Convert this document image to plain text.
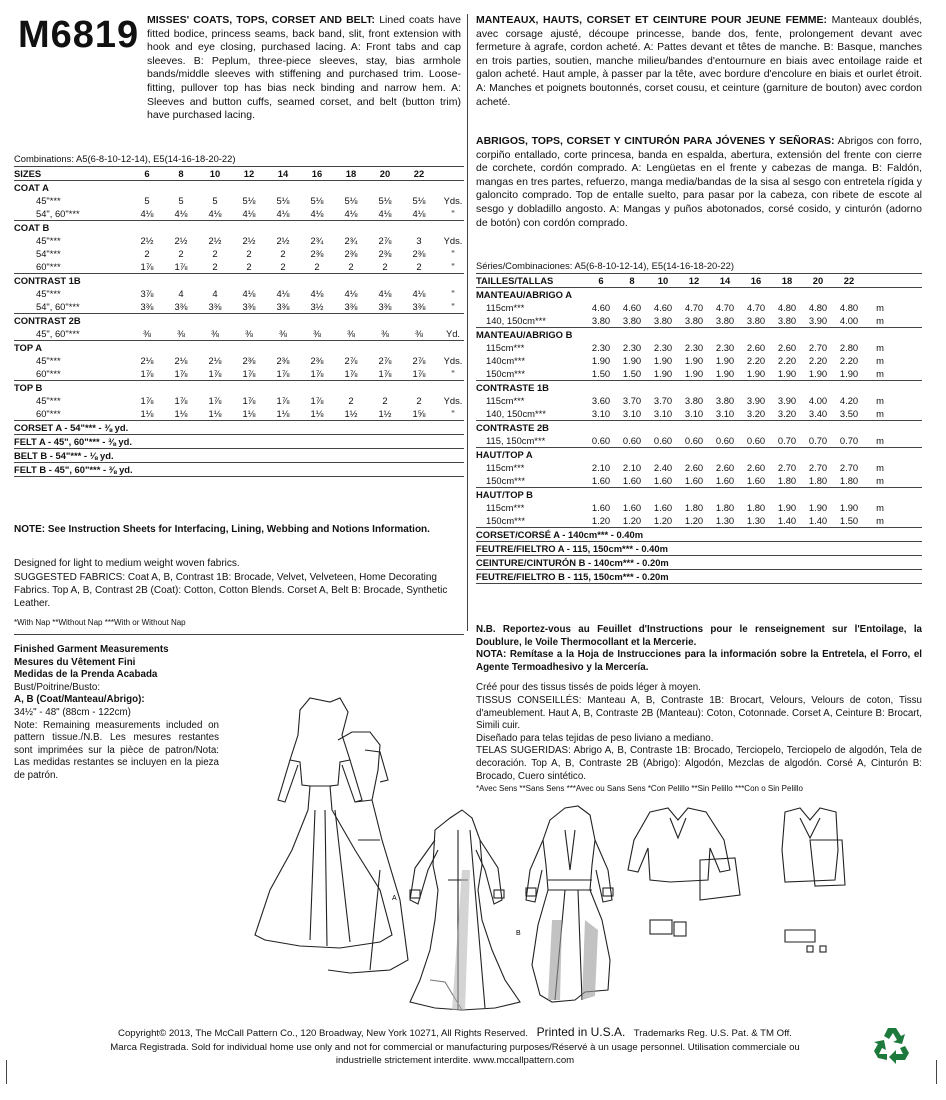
M6819 MISSES' COATS, TOPS, CORSET AND BELT: Lined coats have fitted bodice, princess seams, back band, slit, front extension with hook and eye closing, purchased lacing. A: Front tabs and cap sleeves. B: Peplum, three-piece sleeves, stay, bias armhole bands/middle sleeves with stiffening and purchased trim. Loose-fitting, pullover top has bias neck binding and narrow hem. A: Sleeves and button cuffs, seamed corset, and belt (button trim) have purchased lacing.
MANTEAUX, HAUTS, CORSET ET CEINTURE POUR JEUNE FEMME: Manteaux doublés, avec corsage ajusté, découpe princesse, bande dos, fente, prolongement devant avec fermeture à agrafe, cordon acheté. A: Pattes devant et têtes de manche. B: Basque, manches en trois parties, soutien, manche milieu/bandes d'entournure en biais avec entoilage raide et galon acheté. Haut ample, à passer par la tête, avec bordure d'encolure en biais et ourlet étroit. A: Manches et poignets boutonnés, corset cousu, et ceinture (garniture de bouton) avec cordon acheté.
ABRIGOS, TOPS, CORSET Y CINTURÓN PARA JÓVENES Y SEÑORAS: Abrigos con forro, corpiño entallado, corte princesa, banda en espalda, abertura, extensión del frente con cierre de corchete, cordón comprado. A: Lengüetas en el frente y cabezas de manga. B: Faldón, mangas en tres partes, refuerzo, manga media/bandas de la sisa al sesgo con entretela rígida y galoncito comprado. Top de entalle suelto, para pasar por la cabeza, con ribete de escote al sesgo y dobladillo angosto. A: Mangas y puños abotonados, corsé cosido, y cinturón (adorno de botón) con cordón comprado.
Combinations: A5(6-8-10-12-14), E5(14-16-18-20-22)
SIZES	6	8	10	12	14	16	18	20	22
COAT A
45"***	5	5	5	5⅛	5⅛	5⅛	5⅛	5⅛	5⅛	Yds.
54", 60"***	4⅛	4⅛	4⅛	4⅛	4⅛	4⅛	4⅛	4⅛	4⅛	"
COAT B
45"***	2½	2½	2½	2½	2½	2¾	2¾	2⅞	3	Yds.
54"***	2	2	2	2	2	2⅜	2⅜	2⅜	2⅜	"
60"***	1⅞	1⅞	2	2	2	2	2	2	2	"
CONTRAST 1B
45"***	3⅞	4	4	4⅛	4⅛	4⅛	4⅛	4⅛	4⅛	"
54", 60"***	3⅜	3⅜	3⅜	3⅜	3⅜	3½	3⅜	3⅜	3⅜	"
CONTRAST 2B
45", 60"***	⅜	⅜	⅜	⅜	⅜	⅜	⅜	⅜	⅜	Yd.
TOP A
45"***	2⅛	2⅛	2⅛	2⅜	2⅜	2⅜	2⅞	2⅞	2⅞	Yds.
60"***	1⅞	1⅞	1⅞	1⅞	1⅞	1⅞	1⅞	1⅞	1⅞	"
TOP B
45"***	1⅞	1⅞	1⅞	1⅞	1⅞	1⅞	2	2	2	Yds.
60"***	1⅛	1⅛	1⅛	1⅛	1⅛	1⅛	1½	1½	1⅝	"
CORSET A - 54"*** - ⅜ yd.
FELT A - 45", 60"*** - ⅜ yd.
BELT B - 54"*** - ⅛ yd.
FELT B - 45", 60"*** - ⅜ yd.
Séries/Combinaciones: A5(6-8-10-12-14), E5(14-16-18-20-22)
TAILLES/TALLAS	6	8	10	12	14	16	18	20	22
MANTEAU/ABRIGO A
115cm***	4.60	4.60	4.60	4.70	4.70	4.70	4.80	4.80	4.80	m
140, 150cm***	3.80	3.80	3.80	3.80	3.80	3.80	3.80	3.90	4.00	m
MANTEAU/ABRIGO B
115cm***	2.30	2.30	2.30	2.30	2.30	2.60	2.60	2.70	2.80	m
140cm***	1.90	1.90	1.90	1.90	1.90	2.20	2.20	2.20	2.20	m
150cm***	1.50	1.50	1.90	1.90	1.90	1.90	1.90	1.90	1.90	m
CONTRASTE 1B
115cm***	3.60	3.70	3.70	3.80	3.80	3.90	3.90	4.00	4.20	m
140, 150cm***	3.10	3.10	3.10	3.10	3.10	3.20	3.20	3.40	3.50	m
CONTRASTE 2B
115, 150cm***	0.60	0.60	0.60	0.60	0.60	0.60	0.70	0.70	0.70	m
HAUT/TOP A
115cm***	2.10	2.10	2.40	2.60	2.60	2.60	2.70	2.70	2.70	m
150cm***	1.60	1.60	1.60	1.60	1.60	1.60	1.80	1.80	1.80	m
HAUT/TOP B
115cm***	1.60	1.60	1.60	1.80	1.80	1.80	1.90	1.90	1.90	m
150cm***	1.20	1.20	1.20	1.20	1.30	1.30	1.40	1.40	1.50	m
CORSET/CORSÉ A - 140cm*** - 0.40m
FEUTRE/FIELTRO A - 115, 150cm*** - 0.40m
CEINTURE/CINTURÓN B - 140cm*** - 0.20m
FEUTRE/FIELTRO B - 115, 150cm*** - 0.20m
NOTE: See Instruction Sheets for Interfacing, Lining, Webbing and Notions Information.
Designed for light to medium weight woven fabrics.
SUGGESTED FABRICS: Coat A, B, Contrast 1B: Brocade, Velvet, Velveteen, Home Decorating Fabrics. Top A, B, Contrast 2B (Coat): Cotton, Cotton Blends. Corset A, Belt B: Brocade, Synthetic Leather.
*With Nap **Without Nap ***With or Without Nap
Finished Garment Measurements
Mesures du Vêtement Fini
Medidas de la Prenda Acabada
Bust/Poitrine/Busto:
A, B (Coat/Manteau/Abrigo):
34½" - 48" (88cm - 122cm)
Note: Remaining measurements included on pattern tissue./N.B. Les mesures restantes sont imprimées sur la pièce de patron/Nota: Las medidas restantes se incluyen en la pieza de patrón.
N.B. Reportez-vous au Feuillet d'Instructions pour le renseignement sur l'Entoilage, la Doublure, le Voile Thermocollant et la Mercerie.
NOTA: Remítase a la Hoja de Instrucciones para la información sobre la Entretela, el Forro, el Agente Termoadhesivo y la Mercería.
Créé pour des tissus tissés de poids léger à moyen.
TISSUS CONSEILLÉS: Manteau A, B, Contraste 1B: Brocart, Velours, Velours de coton, Tissu d'ameublement. Haut A, B, Contraste 2B (Manteau): Coton, Cotonnade. Corset A, Ceinture B: Brocart, Simili cuir.
Diseñado para telas tejidas de peso liviano a mediano.
TELAS SUGERIDAS: Abrigo A, B, Contraste 1B: Brocado, Terciopelo, Terciopelo de algodón, Tela de decoración. Top A, B, Contraste 2B (Abrigo): Algodón, Mezclas de algodón. Corsé A, Cinturón B: Brocado, Cuero sintético.
*Avec Sens **Sans Sens ***Avec ou Sans Sens *Con Pelillo **Sin Pelillo ***Con o Sin Pelillo
A
B
Copyright© 2013, The McCall Pattern Co., 120 Broadway, New York 10271, All Rights Reserved. Printed in U.S.A. Trademarks Reg. U.S. Pat. & TM Off.
Marca Registrada. Sold for individual home use only and not for commercial or manufacturing purposes/Réservé à un usage personnel. Utilisation commerciale ou
industrielle strictement interdite. www.mccallpattern.com
